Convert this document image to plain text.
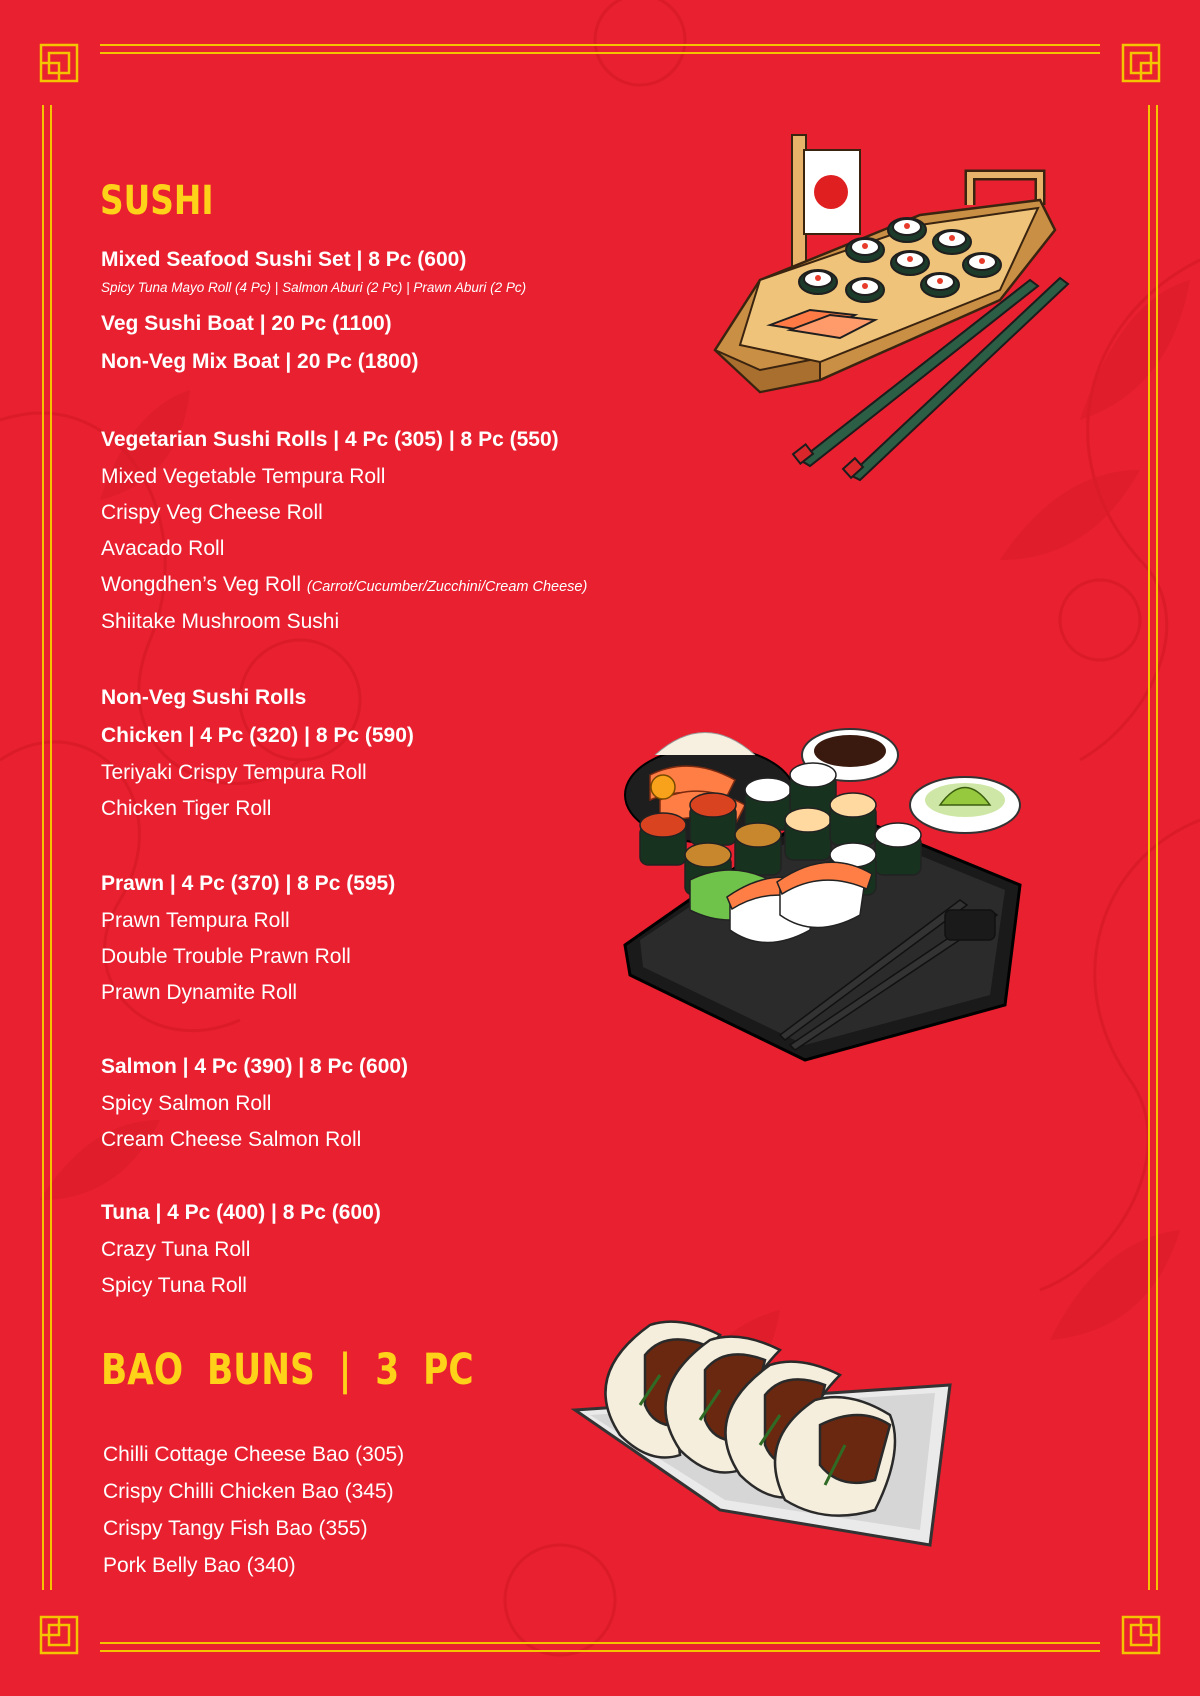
SUSHI
Mixed Seafood Sushi Set | 8 Pc (600)
Spicy Tuna Mayo Roll (4 Pc) | Salmon Aburi (2 Pc) | Prawn Aburi (2 Pc)
Veg Sushi Boat | 20 Pc (1100)
Non-Veg Mix Boat | 20 Pc (1800)
Vegetarian Sushi Rolls | 4 Pc (305) | 8 Pc (550)
Mixed Vegetable Tempura Roll
Crispy Veg Cheese Roll
Avacado Roll
Wongdhen’s Veg Roll (Carrot/Cucumber/Zucchini/Cream Cheese)
Shiitake Mushroom Sushi
Non-Veg Sushi Rolls
Chicken | 4 Pc (320) | 8 Pc (590)
Teriyaki Crispy Tempura Roll
Chicken Tiger Roll
Prawn | 4 Pc (370) | 8 Pc (595)
Prawn Tempura Roll
Double Trouble Prawn Roll
Prawn Dynamite Roll
Salmon | 4 Pc (390) | 8 Pc (600)
Spicy Salmon Roll
Cream Cheese Salmon Roll
Tuna | 4 Pc (400) | 8 Pc (600)
Crazy Tuna Roll
Spicy Tuna Roll
BAO  BUNS  |  3  PC
Chilli Cottage Cheese Bao (305)
Crispy Chilli Chicken Bao (345)
Crispy Tangy Fish Bao (355)
Pork Belly Bao (340)
